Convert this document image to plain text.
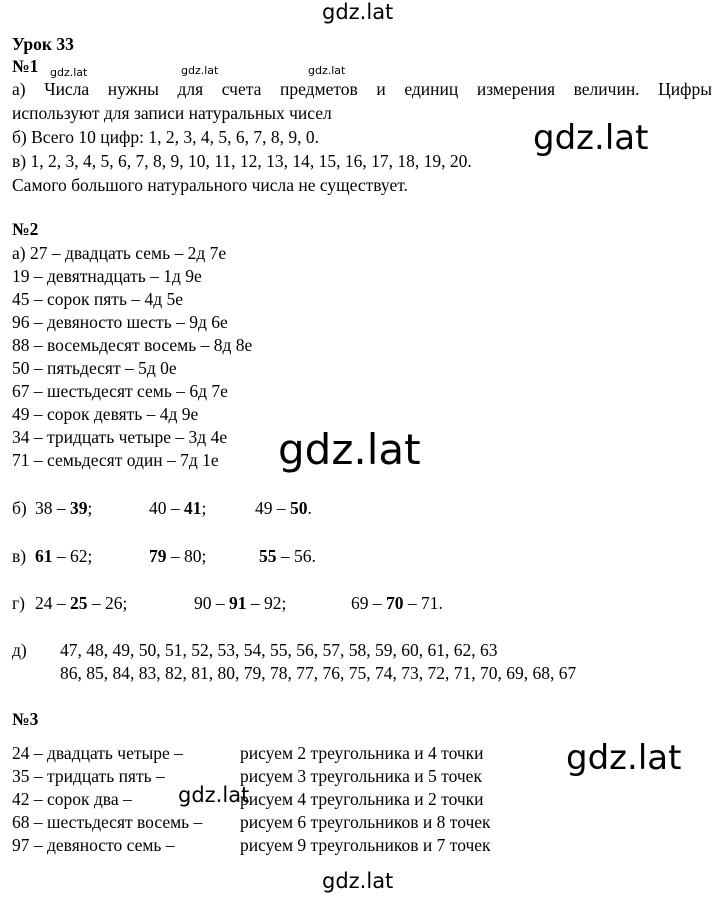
gdz.lat
gdz.lat	gdz.lat	gdz.lat
gdz.lat
gdz.lat
gdz.lat
gdz.lat
gdz.lat
Урок 33
№1
а) Числа нужны для счета предметов и единиц измерения величин. Цифры
используют для записи натуральных чисел
б) Всего 10 цифр: 1, 2, 3, 4, 5, 6, 7, 8, 9, 0.
в) 1, 2, 3, 4, 5, 6, 7, 8, 9, 10, 11, 12, 13, 14, 15, 16, 17, 18, 19, 20.
Самого большого натурального числа не существует.
№2
а) 27 – двадцать семь – 2д 7е
19 – девятнадцать – 1д 9е
45 – сорок пять – 4д 5е
96 – девяносто шесть – 9д 6е
88 – восемьдесят восемь – 8д 8е
50 – пятьдесят – 5д 0е
67 – шестьдесят семь – 6д 7е
49 – сорок девять – 4д 9е
34 – тридцать четыре – 3д 4е
71 – семьдесят один – 7д 1е
б) 38 – 39;	40 – 41;	49 – 50.
в) 61 – 62;	79 – 80;	55 – 56.
г) 24 – 25 – 26;	90 – 91 – 92;	69 – 70 – 71.
д) 47, 48, 49, 50, 51, 52, 53, 54, 55, 56, 57, 58, 59, 60, 61, 62, 63
86, 85, 84, 83, 82, 81, 80, 79, 78, 77, 76, 75, 74, 73, 72, 71, 70, 69, 68, 67
№3
24 – двадцать четыре –	рисуем 2 треугольника и 4 точки
35 – тридцать пять –	рисуем 3 треугольника и 5 точек
42 – сорок два –	рисуем 4 треугольника и 2 точки
68 – шестьдесят восемь – рисуем 6 треугольников и 8 точек
97 – девяносто семь –	рисуем 9 треугольников и 7 точек
